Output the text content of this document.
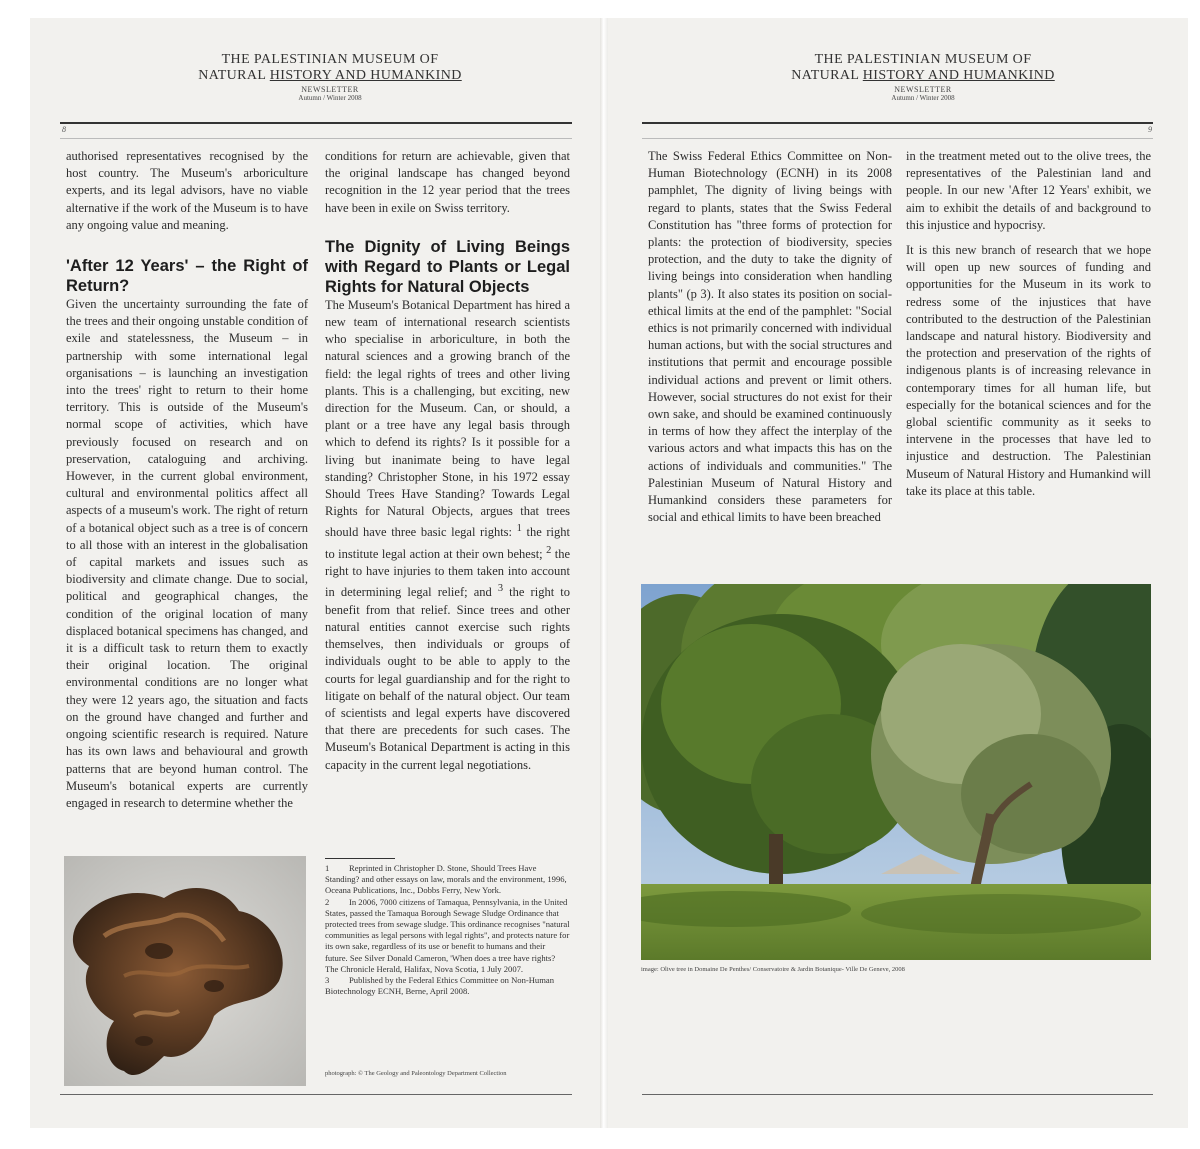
THE PALESTINIAN MUSEUM OF
NATURAL HISTORY AND HUMANKIND
NEWSLETTER
Autumn / Winter 2008
8

authorised representatives recognised by the host country. The Museum's arboriculture experts, and its legal advisors, have no viable alternative if the work of the Museum is to have any ongoing value and meaning.

'After 12 Years' – the Right of Return?

Given the uncertainty surrounding the fate of the trees and their ongoing unstable condition of exile and statelessness, the Museum – in partnership with some international legal organisations – is launching an investigation into the trees' right to return to their home territory. This is outside of the Museum's normal scope of activities, which have previously focused on research and on preservation, cataloguing and archiving. However, in the current global environment, cultural and environmental politics affect all aspects of a museum's work. The right of return of a botanical object such as a tree is of concern to all those with an interest in the globalisation of capital markets and issues such as biodiversity and climate change. Due to social, political and geographical changes, the condition of the original location of many displaced botanical specimens has changed, and it is a difficult task to return them to exactly their original location. The original environmental conditions are no longer what they were 12 years ago, the situation and facts on the ground have changed and further and ongoing scientific research is required. Nature has its own laws and behavioural and growth patterns that are beyond human control. The Museum's botanical experts are currently engaged in research to determine whether the

conditions for return are achievable, given that the original landscape has changed beyond recognition in the 12 year period that the trees have been in exile on Swiss territory.

The Dignity of Living Beings with Regard to Plants or Legal Rights for Natural Objects

The Museum's Botanical Department has hired a new team of international research scientists who specialise in arboriculture, in both the natural sciences and a growing branch of the field: the legal rights of trees and other living plants. This is a challenging, but exciting, new direction for the Museum. Can, or should, a plant or a tree have any legal basis through which to defend its rights? Is it possible for a living but inanimate being to have legal standing? Christopher Stone, in his 1972 essay Should Trees Have Standing? Towards Legal Rights for Natural Objects, argues that trees should have three basic legal rights: $^1$ the right to institute legal action at their own behest; $^2$ the right to have injuries to them taken into account in determining legal relief; and $^3$ the right to benefit from that relief. Since trees and other natural entities cannot exercise such rights themselves, then individuals or groups of individuals ought to be able to apply to the courts for legal guardianship and for the right to litigate on behalf of the natural object. Our team of scientists and legal experts have discovered that there are precedents for such cases. The Museum's Botanical Department is acting in this capacity in the current legal negotiations.

1 Reprinted in Christopher D. Stone, Should Trees Have Standing? and other essays on law, morals and the environment, 1996, Oceana Publications, Inc., Dobbs Ferry, New York.

2 In 2006, 7000 citizens of Tamaqua, Pennsylvania, in the United States, passed the Tamaqua Borough Sewage Sludge Ordinance that protected trees from sewage sludge. This ordinance recognises "natural communities as legal persons with legal rights", and protects nature for its own sake, regardless of its use or benefit to humans and their future. See Silver Donald Cameron, 'When does a tree have rights? The Chronicle Herald, Halifax, Nova Scotia, 1 July 2007.

3 Published by the Federal Ethics Committee on Non-Human Biotechnology ECNH, Berne, April 2008.

photograph: © The Geology and Paleontology Department Collection
THE PALESTINIAN MUSEUM OF
NATURAL HISTORY AND HUMANKIND
NEWSLETTER
Autumn / Winter 2008
9

The Swiss Federal Ethics Committee on Non-Human Biotechnology (ECNH) in its 2008 pamphlet, The dignity of living beings with regard to plants, states that the Swiss Federal Constitution has "three forms of protection for plants: the protection of biodiversity, species protection, and the duty to take the dignity of living beings into consideration when handling plants" (p 3). It also states its position on social-ethical limits at the end of the pamphlet: "Social ethics is not primarily concerned with individual human actions, but with the social structures and institutions that permit and encourage possible individual actions and prevent or limit others. However, social structures do not exist for their own sake, and should be examined continuously in terms of how they affect the interplay of the various actors and what impacts this has on the actions of individuals and communities." The Palestinian Museum of Natural History and Humankind considers these parameters for social and ethical limits to have been breached

in the treatment meted out to the olive trees, the representatives of the Palestinian land and people. In our new 'After 12 Years' exhibit, we aim to exhibit the details of and background to this injustice and hypocrisy.

It is this new branch of research that we hope will open up new sources of funding and opportunities for the Museum in its work to redress some of the injustices that have contributed to the destruction of the Palestinian landscape and natural history. Biodiversity and the protection and preservation of the rights of indigenous plants is of increasing relevance in contemporary times for all human life, but especially for the botanical sciences and for the global scientific community as it seeks to intervene in the processes that have led to injustice and destruction. The Palestinian Museum of Natural History and Humankind will take its place at this table.

image: Olive tree in Domaine De Penthes/ Conservatoire & Jardin Botanique- Ville De Geneve, 2008
